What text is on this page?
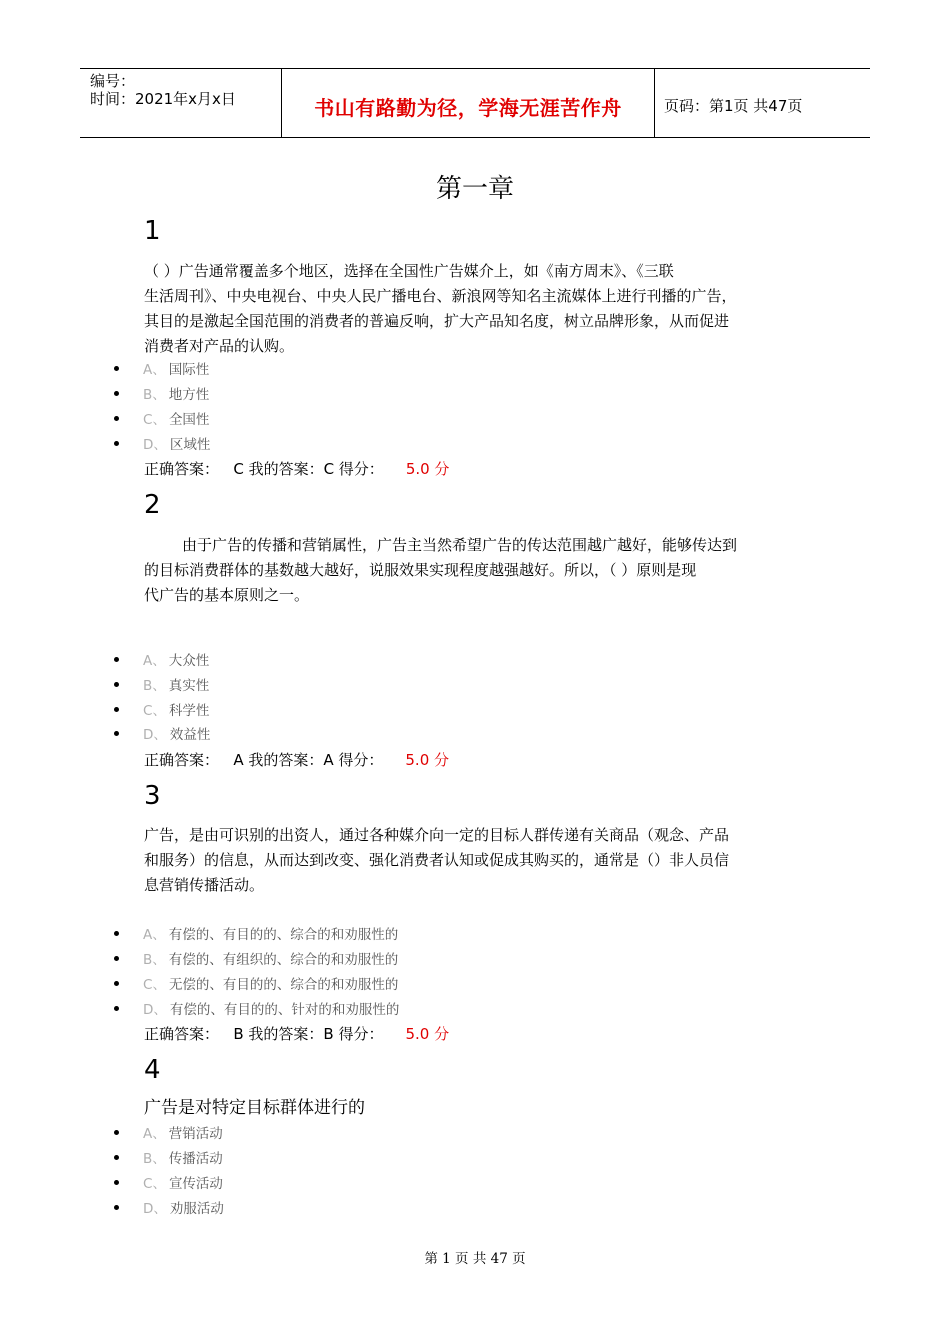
编号：
时间：2021年x月x日	书山有路勤为径，学海无涯苦作舟	页码：第1页 共47页
第一章
1
（ ）广告通常覆盖多个地区，选择在全国性广告媒介上，如《南方周末》、《三联
生活周刊》、中央电视台、中央人民广播电台、新浪网等知名主流媒体上进行刊播的广告，
其目的是激起全国范围的消费者的普遍反响，扩大产品知名度，树立品牌形象，从而促进
消费者对产品的认购。
A、 国际性
B、 地方性
C、 全国性
D、 区域性
正确答案： C 我的答案：C 得分： 5.0 分
2
由于广告的传播和营销属性，广告主当然希望广告的传达范围越广越好，能够传达到
的目标消费群体的基数越大越好，说服效果实现程度越强越好。所以，（ ）原则是现
代广告的基本原则之一。
A、 大众性
B、 真实性
C、 科学性
D、 效益性
正确答案： A 我的答案：A 得分： 5.0 分
3
广告，是由可识别的出资人，通过各种媒介向一定的目标人群传递有关商品（观念、产品
和服务）的信息，从而达到改变、强化消费者认知或促成其购买的，通常是（）非人员信
息营销传播活动。
A、 有偿的、有目的的、综合的和劝服性的
B、 有偿的、有组织的、综合的和劝服性的
C、 无偿的、有目的的、综合的和劝服性的
D、 有偿的、有目的的、针对的和劝服性的
正确答案： B 我的答案：B 得分： 5.0 分
4
广告是对特定目标群体进行的
A、 营销活动
B、 传播活动
C、 宣传活动
D、 劝服活动
第 1 页 共 47 页
